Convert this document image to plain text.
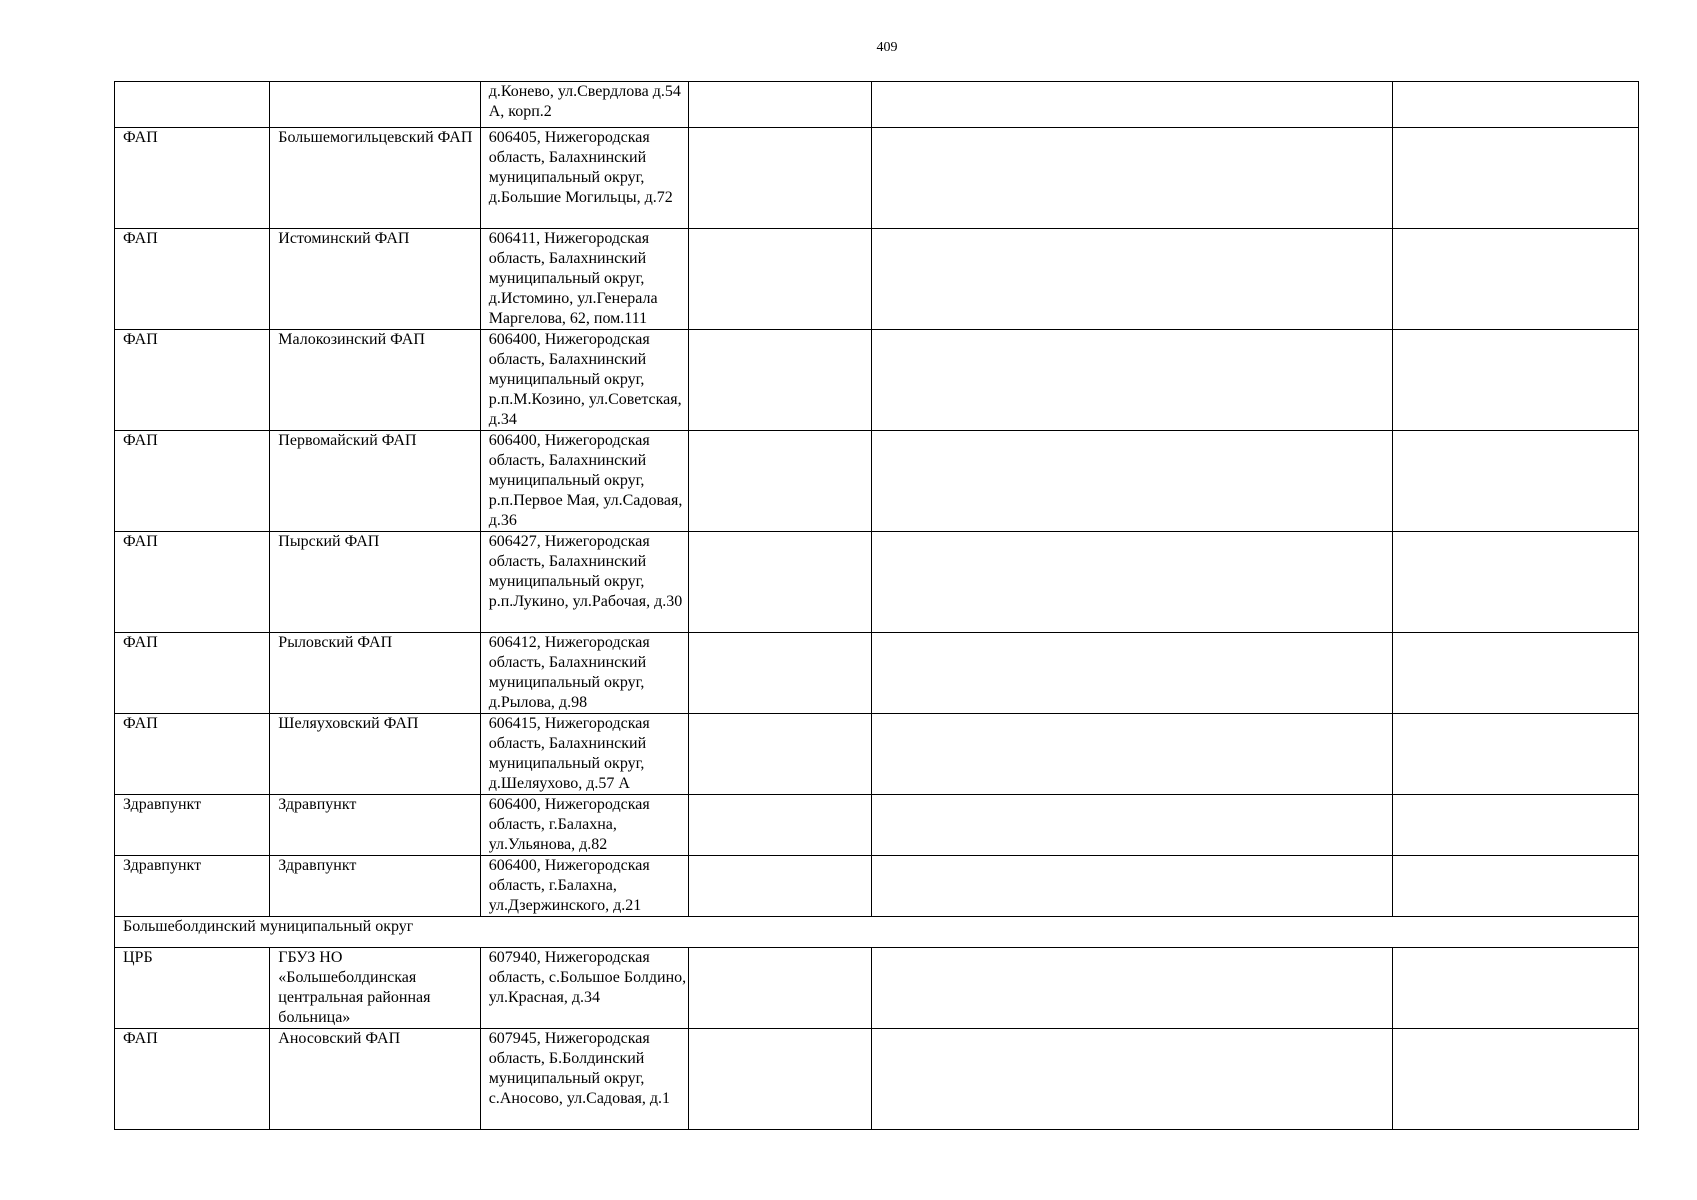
409
		д.Конево, ул.Свердлова д.54 А, корп.2			
ФАП	Большемогильцевский ФАП	606405, Нижегородская область, Балахнинский муниципальный округ, д.Большие Могильцы, д.72			
ФАП	Истоминский ФАП	606411, Нижегородская область, Балахнинский муниципальный округ, д.Истомино, ул.Генерала Маргелова, 62, пом.111			
ФАП	Малокозинский ФАП	606400, Нижегородская область, Балахнинский муниципальный округ, р.п.М.Козино, ул.Советская, д.34			
ФАП	Первомайский ФАП	606400, Нижегородская область, Балахнинский муниципальный округ, р.п.Первое Мая, ул.Садовая, д.36			
ФАП	Пырский ФАП	606427, Нижегородская область, Балахнинский муниципальный округ, р.п.Лукино, ул.Рабочая, д.30			
ФАП	Рыловский ФАП	606412, Нижегородская область, Балахнинский муниципальный округ, д.Рылова, д.98			
ФАП	Шеляуховский ФАП	606415, Нижегородская область, Балахнинский муниципальный округ, д.Шеляухово, д.57 А			
Здравпункт	Здравпункт	606400, Нижегородская область, г.Балахна, ул.Ульянова, д.82			
Здравпункт	Здравпункт	606400, Нижегородская область, г.Балахна, ул.Дзержинского, д.21			
Большеболдинский муниципальный округ					
ЦРБ	ГБУЗ НО «Большеболдинская центральная районная больница»	607940, Нижегородская область, с.Большое Болдино, ул.Красная, д.34			
ФАП	Аносовский ФАП	607945, Нижегородская область, Б.Болдинский муниципальный округ, с.Аносово, ул.Садовая, д.1			
